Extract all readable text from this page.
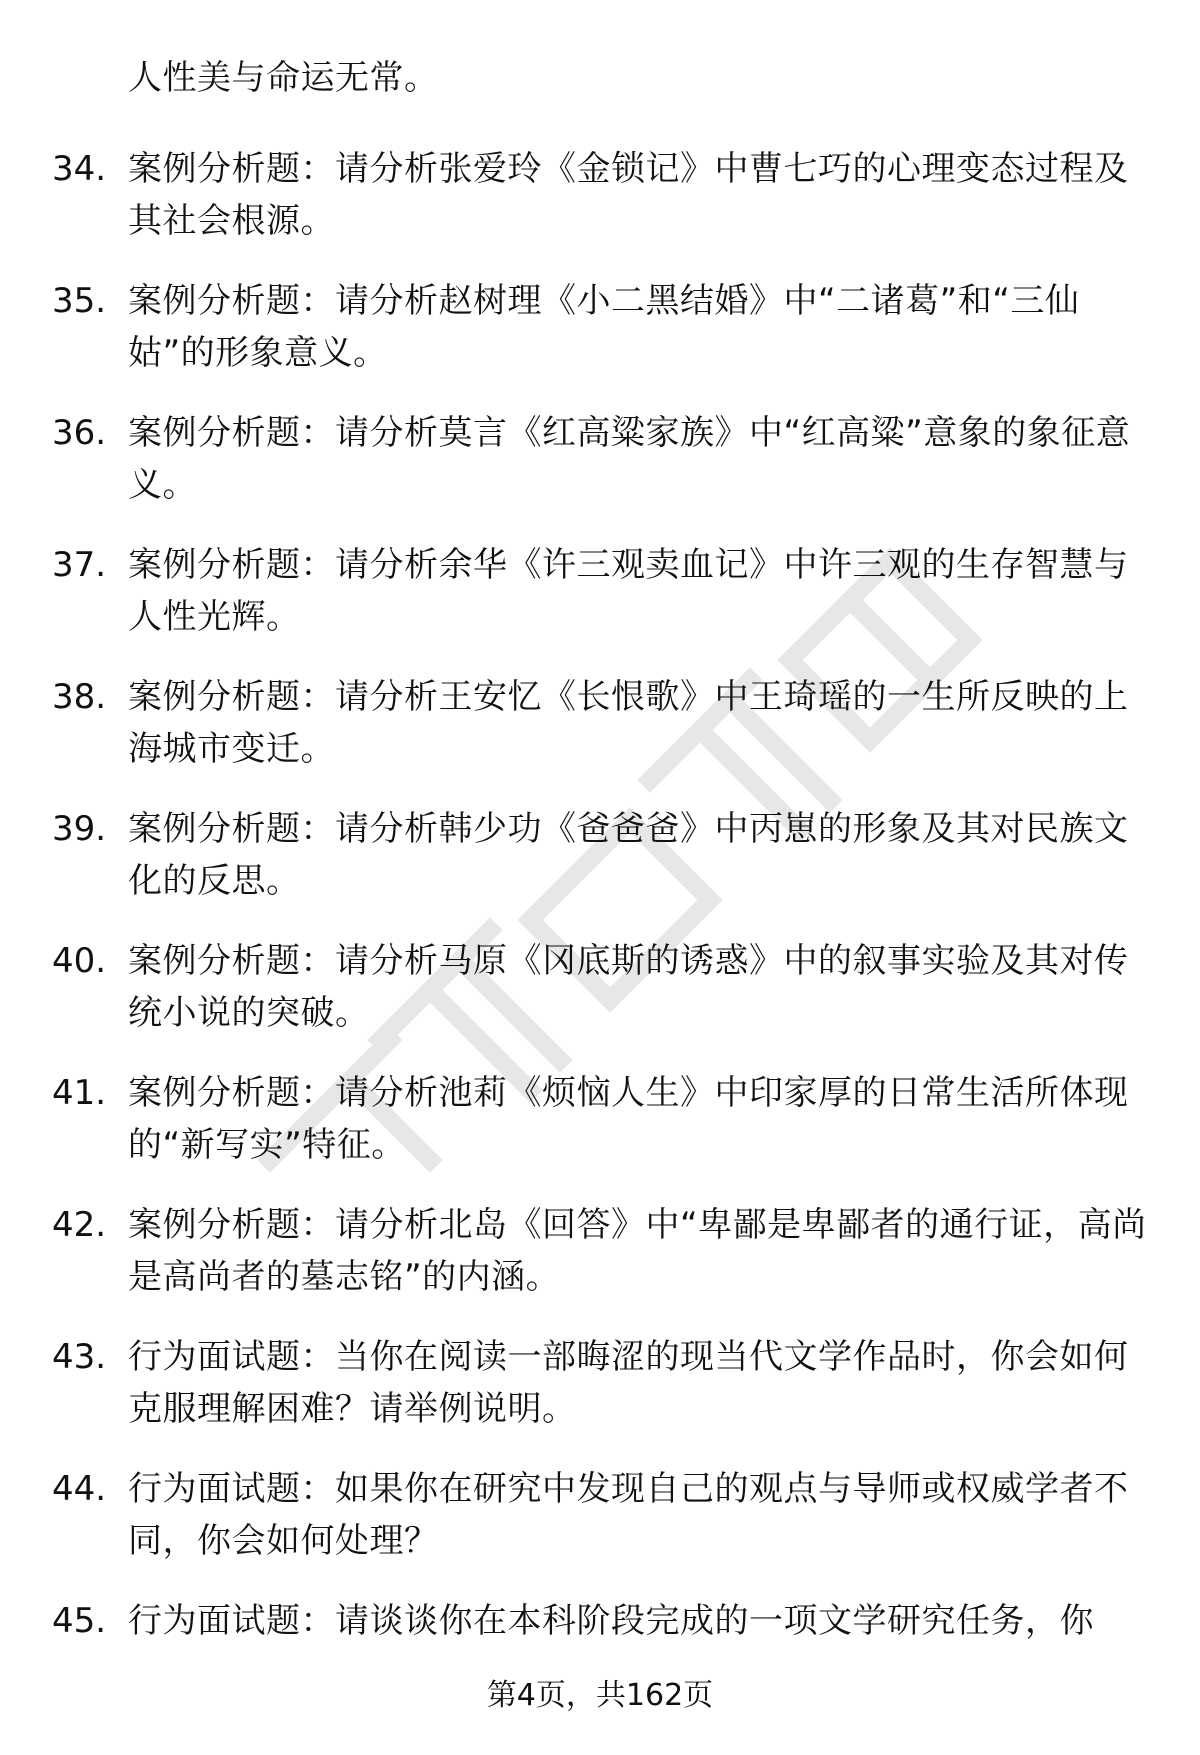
人性美与命运无常。
34. 案例分析题：请分析张爱玲《金锁记》中曹七巧的心理变态过程及其社会根源。
35. 案例分析题：请分析赵树理《小二黑结婚》中“二诸葛”和“三仙姑”的形象意义。
36. 案例分析题：请分析莫言《红高粱家族》中“红高粱”意象的象征意义。
37. 案例分析题：请分析余华《许三观卖血记》中许三观的生存智慧与人性光辉。
38. 案例分析题：请分析王安忆《长恨歌》中王琦瑶的一生所反映的上海城市变迁。
39. 案例分析题：请分析韩少功《爸爸爸》中丙崽的形象及其对民族文化的反思。
40. 案例分析题：请分析马原《冈底斯的诱惑》中的叙事实验及其对传统小说的突破。
41. 案例分析题：请分析池莉《烦恼人生》中印家厚的日常生活所体现的“新写实”特征。
42. 案例分析题：请分析北岛《回答》中“卑鄙是卑鄙者的通行证，高尚是高尚者的墓志铭”的内涵。
43. 行为面试题：当你在阅读一部晦涩的现当代文学作品时，你会如何克服理解困难？请举例说明。
44. 行为面试题：如果你在研究中发现自己的观点与导师或权威学者不同，你会如何处理？
45. 行为面试题：请谈谈你在本科阶段完成的一项文学研究任务，你
第4页，共162页
